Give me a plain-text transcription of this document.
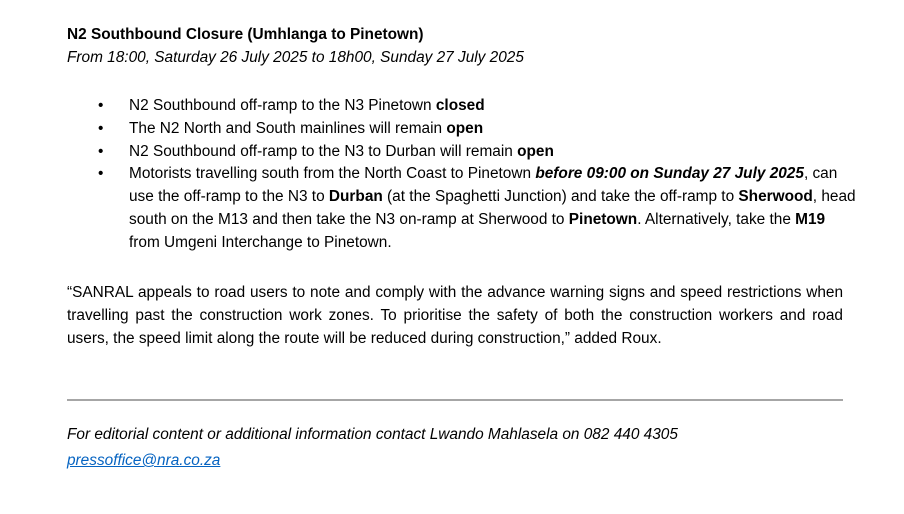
N2 Southbound Closure (Umhlanga to Pinetown)
From 18:00, Saturday 26 July 2025 to 18h00, Sunday 27 July 2025
• N2 Southbound off-ramp to the N3 Pinetown closed
• The N2 North and South mainlines will remain open
• N2 Southbound off-ramp to the N3 to Durban will remain open
• Motorists travelling south from the North Coast to Pinetown before 09:00 on Sunday 27 July 2025, can use the off-ramp to the N3 to Durban (at the Spaghetti Junction) and take the off-ramp to Sherwood, head south on the M13 and then take the N3 on-ramp at Sherwood to Pinetown. Alternatively, take the M19 from Umgeni Interchange to Pinetown.
“SANRAL appeals to road users to note and comply with the advance warning signs and speed restrictions when travelling past the construction work zones. To prioritise the safety of both the construction workers and road users, the speed limit along the route will be reduced during construction,” added Roux.
For editorial content or additional information contact Lwando Mahlasela on 082 440 4305
pressoffice@nra.co.za
